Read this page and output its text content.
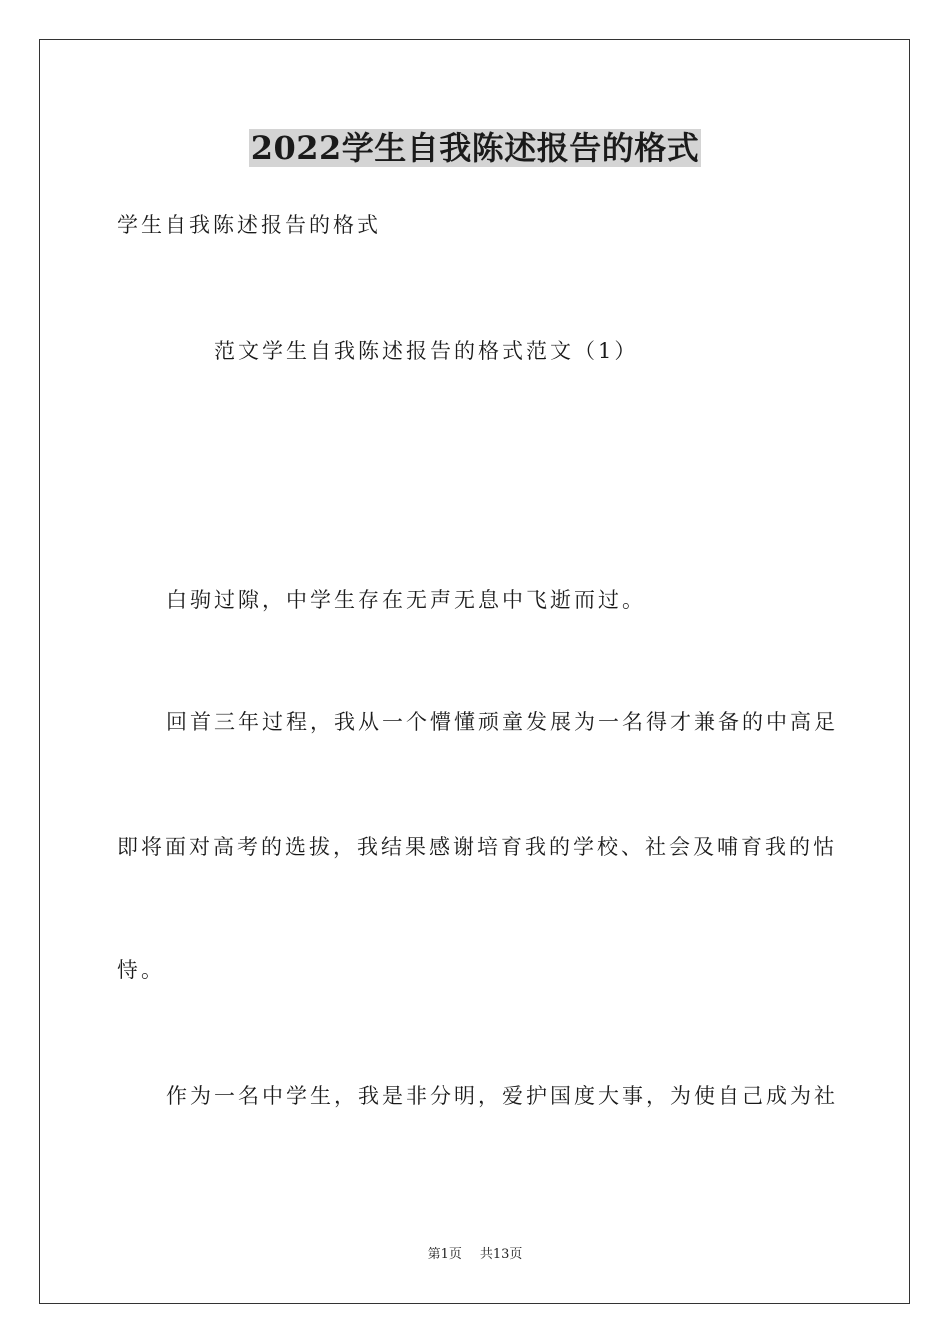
2022学生自我陈述报告的格式
学生自我陈述报告的格式
范文学生自我陈述报告的格式范文（1）
白驹过隙，中学生存在无声无息中飞逝而过。
回首三年过程，我从一个懵懂顽童发展为一名得才兼备的中高足
即将面对高考的选拔，我结果感谢培育我的学校、社会及哺育我的怙
恃。
作为一名中学生，我是非分明，爱护国度大事，为使自己成为社
第1页 共13页
